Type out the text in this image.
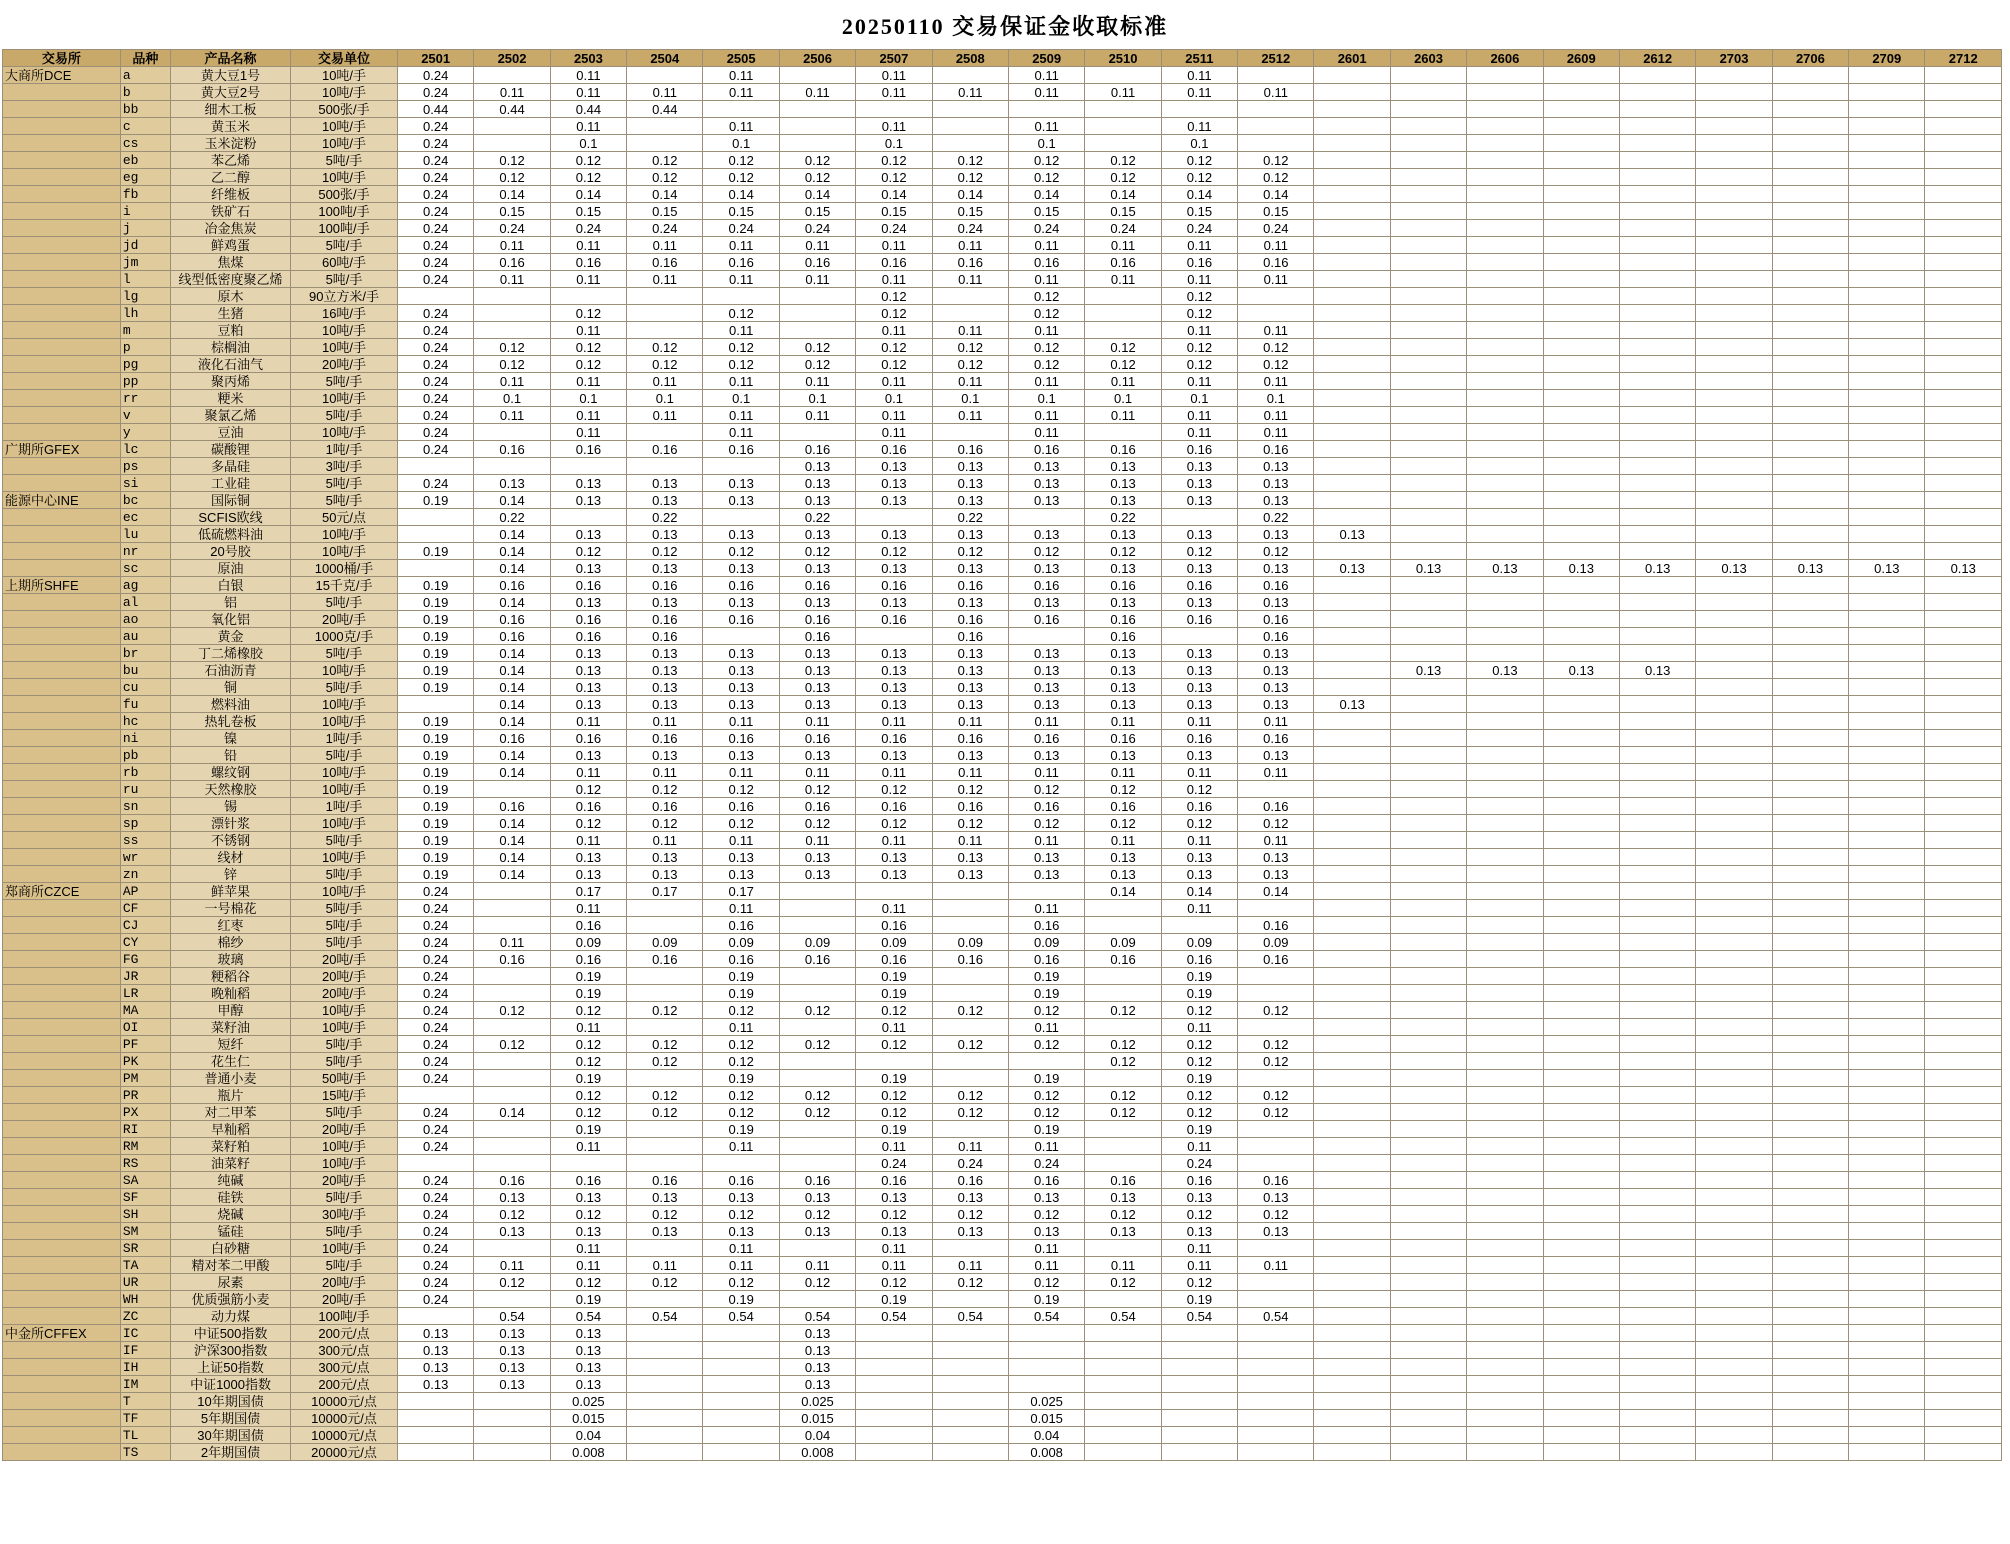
20250110 交易保证金收取标准
交易所	品种	产品名称	交易单位	2501	2502	2503	2504	2505	2506	2507	2508	2509	2510	2511	2512	2601	2603	2606	2609	2612	2703	2706	2709	2712
大商所DCE	a	黄大豆1号	10吨/手	0.24		0.11		0.11		0.11		0.11		0.11										
	b	黄大豆2号	10吨/手	0.24	0.11	0.11	0.11	0.11	0.11	0.11	0.11	0.11	0.11	0.11	0.11									
	bb	细木工板	500张/手	0.44	0.44	0.44	0.44																	
	c	黄玉米	10吨/手	0.24		0.11		0.11		0.11		0.11		0.11										
	cs	玉米淀粉	10吨/手	0.24		0.1		0.1		0.1		0.1		0.1										
	eb	苯乙烯	5吨/手	0.24	0.12	0.12	0.12	0.12	0.12	0.12	0.12	0.12	0.12	0.12	0.12									
	eg	乙二醇	10吨/手	0.24	0.12	0.12	0.12	0.12	0.12	0.12	0.12	0.12	0.12	0.12	0.12									
	fb	纤维板	500张/手	0.24	0.14	0.14	0.14	0.14	0.14	0.14	0.14	0.14	0.14	0.14	0.14									
	i	铁矿石	100吨/手	0.24	0.15	0.15	0.15	0.15	0.15	0.15	0.15	0.15	0.15	0.15	0.15									
	j	冶金焦炭	100吨/手	0.24	0.24	0.24	0.24	0.24	0.24	0.24	0.24	0.24	0.24	0.24	0.24									
	jd	鲜鸡蛋	5吨/手	0.24	0.11	0.11	0.11	0.11	0.11	0.11	0.11	0.11	0.11	0.11	0.11									
	jm	焦煤	60吨/手	0.24	0.16	0.16	0.16	0.16	0.16	0.16	0.16	0.16	0.16	0.16	0.16									
	l	线型低密度聚乙烯	5吨/手	0.24	0.11	0.11	0.11	0.11	0.11	0.11	0.11	0.11	0.11	0.11	0.11									
	lg	原木	90立方米/手							0.12		0.12		0.12										
	lh	生猪	16吨/手	0.24		0.12		0.12		0.12		0.12		0.12										
	m	豆粕	10吨/手	0.24		0.11		0.11		0.11	0.11	0.11		0.11	0.11									
	p	棕榈油	10吨/手	0.24	0.12	0.12	0.12	0.12	0.12	0.12	0.12	0.12	0.12	0.12	0.12									
	pg	液化石油气	20吨/手	0.24	0.12	0.12	0.12	0.12	0.12	0.12	0.12	0.12	0.12	0.12	0.12									
	pp	聚丙烯	5吨/手	0.24	0.11	0.11	0.11	0.11	0.11	0.11	0.11	0.11	0.11	0.11	0.11									
	rr	粳米	10吨/手	0.24	0.1	0.1	0.1	0.1	0.1	0.1	0.1	0.1	0.1	0.1	0.1									
	v	聚氯乙烯	5吨/手	0.24	0.11	0.11	0.11	0.11	0.11	0.11	0.11	0.11	0.11	0.11	0.11									
	y	豆油	10吨/手	0.24		0.11		0.11		0.11		0.11		0.11	0.11									
广期所GFEX	lc	碳酸锂	1吨/手	0.24	0.16	0.16	0.16	0.16	0.16	0.16	0.16	0.16	0.16	0.16	0.16									
	ps	多晶硅	3吨/手						0.13	0.13	0.13	0.13	0.13	0.13	0.13									
	si	工业硅	5吨/手	0.24	0.13	0.13	0.13	0.13	0.13	0.13	0.13	0.13	0.13	0.13	0.13									
能源中心INE	bc	国际铜	5吨/手	0.19	0.14	0.13	0.13	0.13	0.13	0.13	0.13	0.13	0.13	0.13	0.13									
	ec	SCFIS欧线	50元/点		0.22		0.22		0.22		0.22		0.22		0.22									
	lu	低硫燃料油	10吨/手		0.14	0.13	0.13	0.13	0.13	0.13	0.13	0.13	0.13	0.13	0.13	0.13								
	nr	20号胶	10吨/手	0.19	0.14	0.12	0.12	0.12	0.12	0.12	0.12	0.12	0.12	0.12	0.12									
	sc	原油	1000桶/手		0.14	0.13	0.13	0.13	0.13	0.13	0.13	0.13	0.13	0.13	0.13	0.13	0.13	0.13	0.13	0.13	0.13	0.13	0.13	0.13
上期所SHFE	ag	白银	15千克/手	0.19	0.16	0.16	0.16	0.16	0.16	0.16	0.16	0.16	0.16	0.16	0.16									
	al	铝	5吨/手	0.19	0.14	0.13	0.13	0.13	0.13	0.13	0.13	0.13	0.13	0.13	0.13									
	ao	氧化铝	20吨/手	0.19	0.16	0.16	0.16	0.16	0.16	0.16	0.16	0.16	0.16	0.16	0.16									
	au	黄金	1000克/手	0.19	0.16	0.16	0.16		0.16		0.16		0.16		0.16									
	br	丁二烯橡胶	5吨/手	0.19	0.14	0.13	0.13	0.13	0.13	0.13	0.13	0.13	0.13	0.13	0.13									
	bu	石油沥青	10吨/手	0.19	0.14	0.13	0.13	0.13	0.13	0.13	0.13	0.13	0.13	0.13	0.13		0.13	0.13	0.13	0.13				
	cu	铜	5吨/手	0.19	0.14	0.13	0.13	0.13	0.13	0.13	0.13	0.13	0.13	0.13	0.13									
	fu	燃料油	10吨/手		0.14	0.13	0.13	0.13	0.13	0.13	0.13	0.13	0.13	0.13	0.13	0.13								
	hc	热轧卷板	10吨/手	0.19	0.14	0.11	0.11	0.11	0.11	0.11	0.11	0.11	0.11	0.11	0.11									
	ni	镍	1吨/手	0.19	0.16	0.16	0.16	0.16	0.16	0.16	0.16	0.16	0.16	0.16	0.16									
	pb	铅	5吨/手	0.19	0.14	0.13	0.13	0.13	0.13	0.13	0.13	0.13	0.13	0.13	0.13									
	rb	螺纹钢	10吨/手	0.19	0.14	0.11	0.11	0.11	0.11	0.11	0.11	0.11	0.11	0.11	0.11									
	ru	天然橡胶	10吨/手	0.19		0.12	0.12	0.12	0.12	0.12	0.12	0.12	0.12	0.12										
	sn	锡	1吨/手	0.19	0.16	0.16	0.16	0.16	0.16	0.16	0.16	0.16	0.16	0.16	0.16									
	sp	漂针浆	10吨/手	0.19	0.14	0.12	0.12	0.12	0.12	0.12	0.12	0.12	0.12	0.12	0.12									
	ss	不锈钢	5吨/手	0.19	0.14	0.11	0.11	0.11	0.11	0.11	0.11	0.11	0.11	0.11	0.11									
	wr	线材	10吨/手	0.19	0.14	0.13	0.13	0.13	0.13	0.13	0.13	0.13	0.13	0.13	0.13									
	zn	锌	5吨/手	0.19	0.14	0.13	0.13	0.13	0.13	0.13	0.13	0.13	0.13	0.13	0.13									
郑商所CZCE	AP	鲜苹果	10吨/手	0.24		0.17	0.17	0.17					0.14	0.14	0.14									
	CF	一号棉花	5吨/手	0.24		0.11		0.11		0.11		0.11		0.11										
	CJ	红枣	5吨/手	0.24		0.16		0.16		0.16		0.16			0.16									
	CY	棉纱	5吨/手	0.24	0.11	0.09	0.09	0.09	0.09	0.09	0.09	0.09	0.09	0.09	0.09									
	FG	玻璃	20吨/手	0.24	0.16	0.16	0.16	0.16	0.16	0.16	0.16	0.16	0.16	0.16	0.16									
	JR	粳稻谷	20吨/手	0.24		0.19		0.19		0.19		0.19		0.19										
	LR	晚籼稻	20吨/手	0.24		0.19		0.19		0.19		0.19		0.19										
	MA	甲醇	10吨/手	0.24	0.12	0.12	0.12	0.12	0.12	0.12	0.12	0.12	0.12	0.12	0.12									
	OI	菜籽油	10吨/手	0.24		0.11		0.11		0.11		0.11		0.11										
	PF	短纤	5吨/手	0.24	0.12	0.12	0.12	0.12	0.12	0.12	0.12	0.12	0.12	0.12	0.12									
	PK	花生仁	5吨/手	0.24		0.12	0.12	0.12					0.12	0.12	0.12									
	PM	普通小麦	50吨/手	0.24		0.19		0.19		0.19		0.19		0.19										
	PR	瓶片	15吨/手			0.12	0.12	0.12	0.12	0.12	0.12	0.12	0.12	0.12	0.12									
	PX	对二甲苯	5吨/手	0.24	0.14	0.12	0.12	0.12	0.12	0.12	0.12	0.12	0.12	0.12	0.12									
	RI	早籼稻	20吨/手	0.24		0.19		0.19		0.19		0.19		0.19										
	RM	菜籽粕	10吨/手	0.24		0.11		0.11		0.11	0.11	0.11		0.11										
	RS	油菜籽	10吨/手							0.24	0.24	0.24		0.24										
	SA	纯碱	20吨/手	0.24	0.16	0.16	0.16	0.16	0.16	0.16	0.16	0.16	0.16	0.16	0.16									
	SF	硅铁	5吨/手	0.24	0.13	0.13	0.13	0.13	0.13	0.13	0.13	0.13	0.13	0.13	0.13									
	SH	烧碱	30吨/手	0.24	0.12	0.12	0.12	0.12	0.12	0.12	0.12	0.12	0.12	0.12	0.12									
	SM	锰硅	5吨/手	0.24	0.13	0.13	0.13	0.13	0.13	0.13	0.13	0.13	0.13	0.13	0.13									
	SR	白砂糖	10吨/手	0.24		0.11		0.11		0.11		0.11		0.11										
	TA	精对苯二甲酸	5吨/手	0.24	0.11	0.11	0.11	0.11	0.11	0.11	0.11	0.11	0.11	0.11	0.11									
	UR	尿素	20吨/手	0.24	0.12	0.12	0.12	0.12	0.12	0.12	0.12	0.12	0.12	0.12										
	WH	优质强筋小麦	20吨/手	0.24		0.19		0.19		0.19		0.19		0.19										
	ZC	动力煤	100吨/手		0.54	0.54	0.54	0.54	0.54	0.54	0.54	0.54	0.54	0.54	0.54									
中金所CFFEX	IC	中证500指数	200元/点	0.13	0.13	0.13			0.13															
	IF	沪深300指数	300元/点	0.13	0.13	0.13			0.13															
	IH	上证50指数	300元/点	0.13	0.13	0.13			0.13															
	IM	中证1000指数	200元/点	0.13	0.13	0.13			0.13															
	T	10年期国债	10000元/点			0.025			0.025			0.025												
	TF	5年期国债	10000元/点			0.015			0.015			0.015												
	TL	30年期国债	10000元/点			0.04			0.04			0.04												
	TS	2年期国债	20000元/点			0.008			0.008			0.008												
